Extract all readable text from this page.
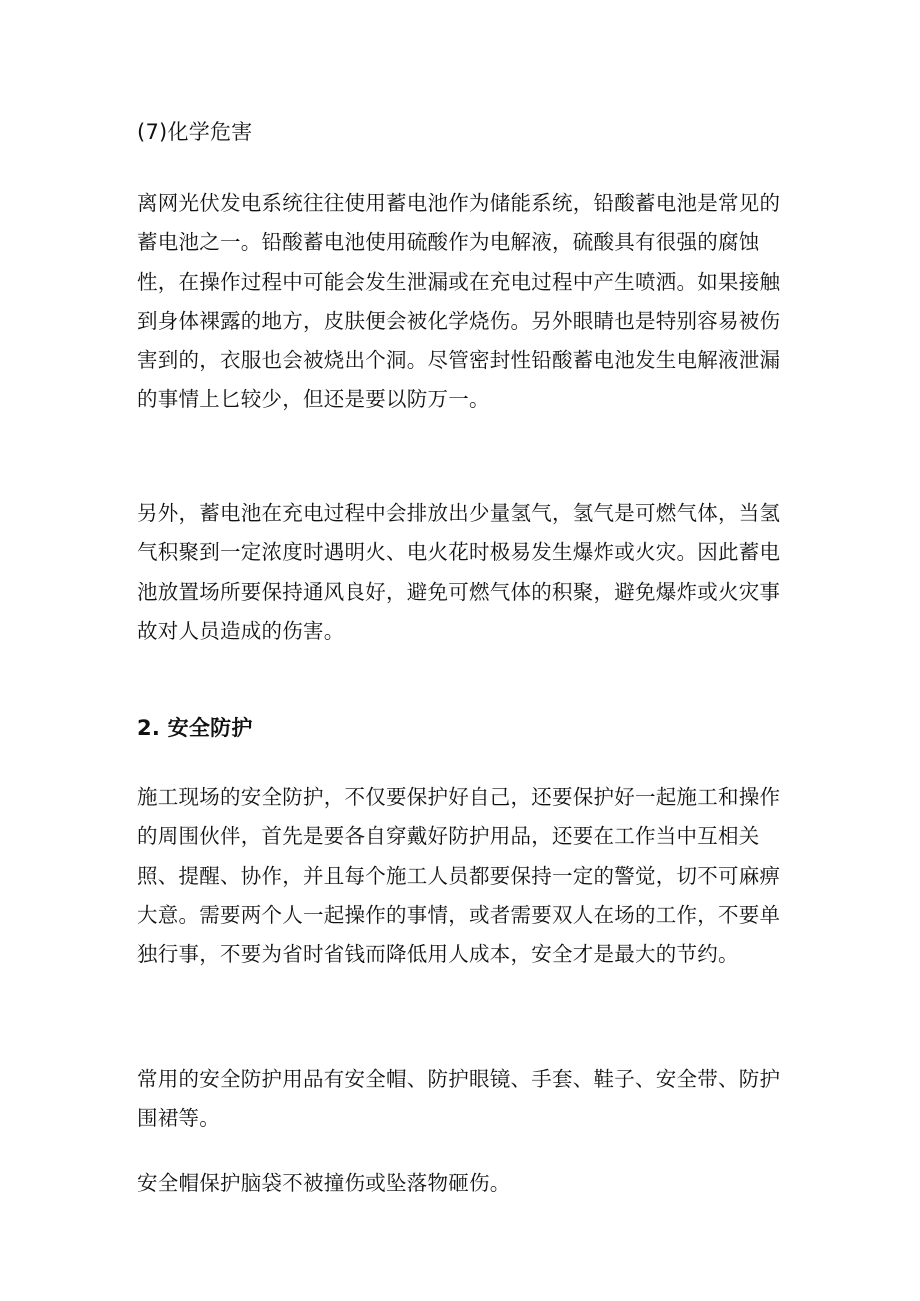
(7)化学危害

离网光伏发电系统往往使用蓄电池作为储能系统，铅酸蓄电池是常见的蓄电池之一。铅酸蓄电池使用硫酸作为电解液，硫酸具有很强的腐蚀性，在操作过程中可能会发生泄漏或在充电过程中产生喷洒。如果接触到身体裸露的地方，皮肤便会被化学烧伤。另外眼睛也是特别容易被伤害到的，衣服也会被烧出个洞。尽管密封性铅酸蓄电池发生电解液泄漏的事情上匕较少，但还是要以防万一。

另外，蓄电池在充电过程中会排放出少量氢气，氢气是可燃气体，当氢气积聚到一定浓度时遇明火、电火花时极易发生爆炸或火灾。因此蓄电池放置场所要保持通风良好，避免可燃气体的积聚，避免爆炸或火灾事故对人员造成的伤害。

2. 安全防护

施工现场的安全防护，不仅要保护好自己，还要保护好一起施工和操作的周围伙伴，首先是要各自穿戴好防护用品，还要在工作当中互相关照、提醒、协作，并且每个施工人员都要保持一定的警觉，切不可麻痹大意。需要两个人一起操作的事情，或者需要双人在场的工作，不要单独行事，不要为省时省钱而降低用人成本，安全才是最大的节约。

常用的安全防护用品有安全帽、防护眼镜、手套、鞋子、安全带、防护围裙等。

安全帽保护脑袋不被撞伤或坠落物砸伤。
